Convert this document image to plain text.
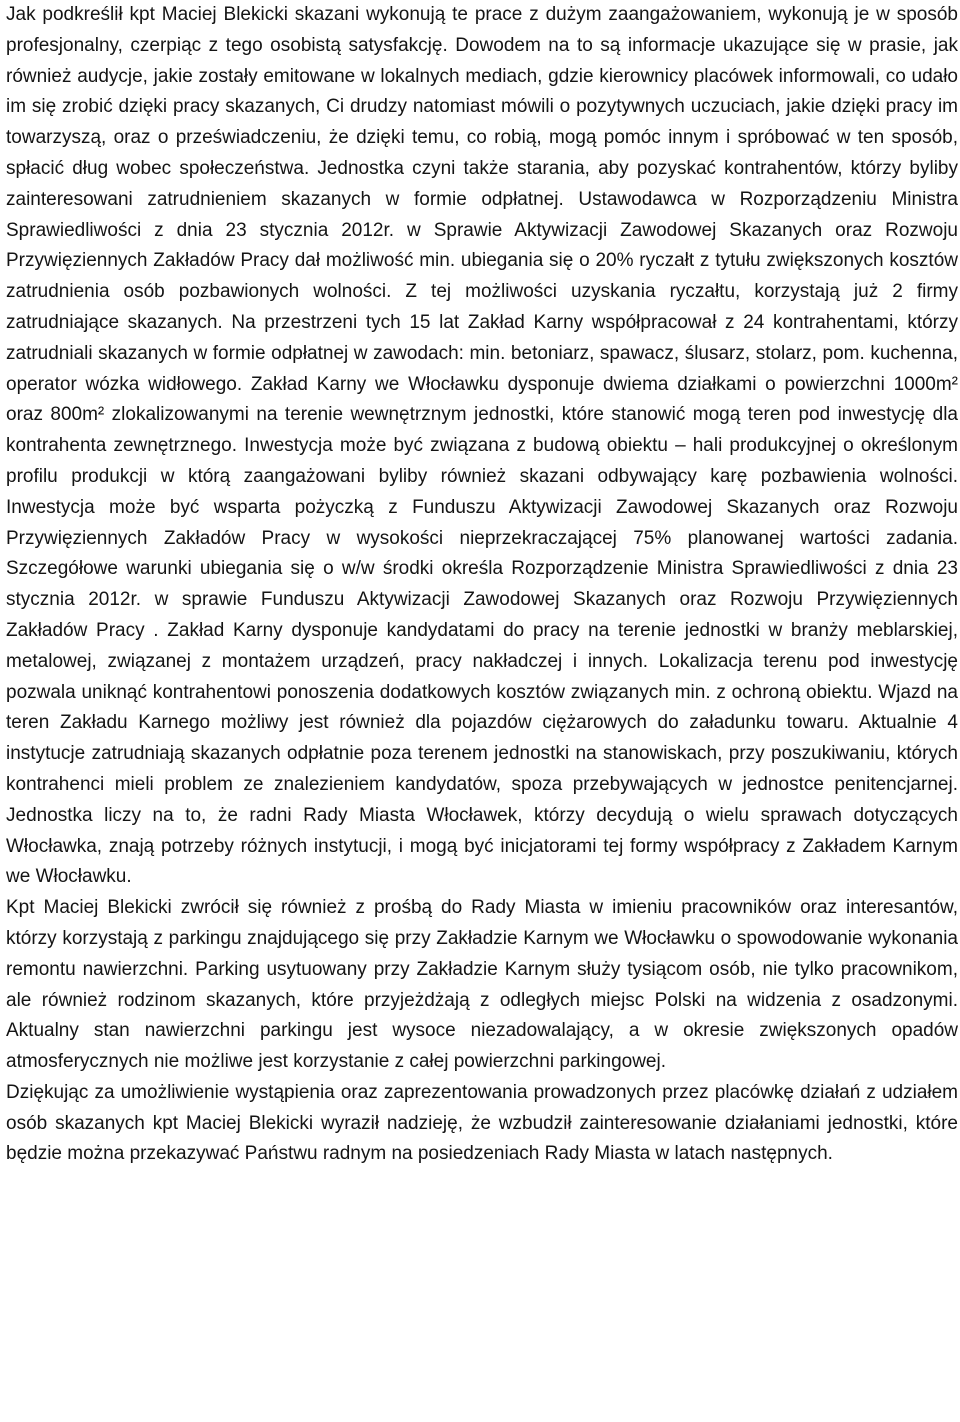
Jak podkreślił kpt Maciej Blekicki skazani wykonują te prace z dużym zaangażowaniem, wykonują je w sposób profesjonalny, czerpiąc z tego osobistą satysfakcję. Dowodem na to są informacje ukazujące się w prasie, jak również audycje, jakie zostały emitowane w lokalnych mediach, gdzie kierownicy placówek informowali, co udało im się zrobić dzięki pracy skazanych, Ci drudzy natomiast mówili o pozytywnych uczuciach, jakie dzięki pracy im towarzyszą, oraz o przeświadczeniu, że dzięki temu, co robią, mogą pomóc innym i spróbować w ten sposób, spłacić dług wobec społeczeństwa. Jednostka czyni także starania, aby pozyskać kontrahentów, którzy byliby zainteresowani zatrudnieniem skazanych w formie odpłatnej. Ustawodawca w Rozporządzeniu Ministra Sprawiedliwości z dnia 23 stycznia 2012r. w Sprawie Aktywizacji Zawodowej Skazanych oraz Rozwoju Przywięziennych Zakładów Pracy dał możliwość min. ubiegania się o 20% ryczałt z tytułu zwiększonych kosztów zatrudnienia osób pozbawionych wolności. Z tej możliwości uzyskania ryczałtu, korzystają już 2 firmy zatrudniające skazanych. Na przestrzeni tych 15 lat Zakład Karny współpracował z 24 kontrahentami, którzy zatrudniali skazanych w formie odpłatnej w zawodach: min. betoniarz, spawacz, ślusarz, stolarz, pom. kuchenna, operator wózka widłowego. Zakład Karny we Włocławku dysponuje dwiema działkami o powierzchni 1000m² oraz 800m² zlokalizowanymi na terenie wewnętrznym jednostki, które stanowić mogą teren pod inwestycję dla kontrahenta zewnętrznego. Inwestycja może być związana z budową obiektu – hali produkcyjnej o określonym profilu produkcji w którą zaangażowani byliby również skazani odbywający karę pozbawienia wolności. Inwestycja może być wsparta pożyczką z Funduszu Aktywizacji Zawodowej Skazanych oraz Rozwoju Przywięziennych Zakładów Pracy w wysokości nieprzekraczającej 75% planowanej wartości zadania. Szczegółowe warunki ubiegania się o w/w środki określa Rozporządzenie Ministra Sprawiedliwości z dnia 23 stycznia 2012r. w sprawie Funduszu Aktywizacji Zawodowej Skazanych oraz Rozwoju Przywięziennych Zakładów Pracy . Zakład Karny dysponuje kandydatami do pracy na terenie jednostki w branży meblarskiej, metalowej, związanej z montażem urządzeń, pracy nakładczej i innych. Lokalizacja terenu pod inwestycję pozwala uniknąć kontrahentowi ponoszenia dodatkowych kosztów związanych min. z ochroną obiektu. Wjazd na teren Zakładu Karnego możliwy jest również dla pojazdów ciężarowych do załadunku towaru. Aktualnie 4 instytucje zatrudniają skazanych odpłatnie poza terenem jednostki na stanowiskach, przy poszukiwaniu, których kontrahenci mieli problem ze znalezieniem kandydatów, spoza przebywających w jednostce penitencjarnej. Jednostka liczy na to, że radni Rady Miasta Włocławek, którzy decydują o wielu sprawach dotyczących Włocławka, znają potrzeby różnych instytucji, i mogą być inicjatorami tej formy współpracy z Zakładem Karnym we Włocławku.

Kpt Maciej Blekicki zwrócił się również z prośbą do Rady Miasta w imieniu pracowników oraz interesantów, którzy korzystają z parkingu znajdującego się przy Zakładzie Karnym we Włocławku o spowodowanie wykonania remontu nawierzchni. Parking usytuowany przy Zakładzie Karnym służy tysiącom osób, nie tylko pracownikom, ale również rodzinom skazanych, które przyjeżdżają z odległych miejsc Polski na widzenia z osadzonymi. Aktualny stan nawierzchni parkingu jest wysoce niezadowalający, a w okresie zwiększonych opadów atmosferycznych nie możliwe jest korzystanie z całej powierzchni parkingowej.

Dziękując za umożliwienie wystąpienia oraz zaprezentowania prowadzonych przez placówkę działań z udziałem osób skazanych kpt Maciej Blekicki wyraził nadzieję, że wzbudził zainteresowanie działaniami jednostki, które będzie można przekazywać Państwu radnym na posiedzeniach Rady Miasta w latach następnych.
